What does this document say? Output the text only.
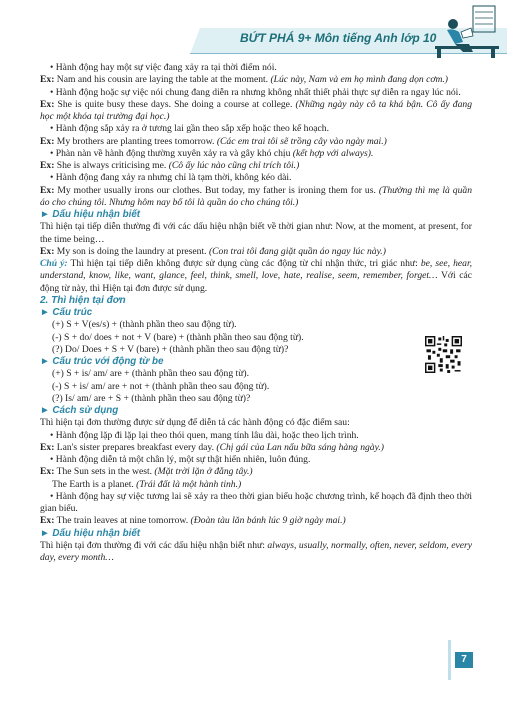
BỨT PHÁ 9+ Môn tiếng Anh lớp 10

• Hành động hay một sự việc đang xảy ra tại thời điểm nói.

Ex: Nam and his cousin are laying the table at the moment. (Lúc này, Nam và em họ mình đang dọn cơm.)

• Hành động hoặc sự việc nói chung đang diễn ra nhưng không nhất thiết phải thực sự diễn ra ngay lúc nói.

Ex: She is quite busy these days. She doing a course at college. (Những ngày này cô ta khá bận. Cô ấy đang học một khóa tại trường đại học.)

• Hành động sắp xảy ra ở tương lai gần theo sắp xếp hoặc theo kế hoạch.

Ex: My brothers are planting trees tomorrow. (Các em trai tôi sẽ trồng cây vào ngày mai.)

• Phàn nàn về hành động thường xuyên xảy ra và gây khó chịu (kết hợp với always).

Ex: She is always criticising me. (Cô ấy lúc nào cũng chỉ trích tôi.)

• Hành động đang xảy ra nhưng chỉ là tạm thời, không kéo dài.

Ex: My mother usually irons our clothes. But today, my father is ironing them for us. (Thường thì mẹ là quần áo cho chúng tôi. Nhưng hôm nay bố tôi là quần áo cho chúng tôi.)

► Dấu hiệu nhận biết

Thì hiện tại tiếp diễn thường đi với các dấu hiệu nhận biết về thời gian như: Now, at the moment, at present, for the time being…

Ex: My son is doing the laundry at present. (Con trai tôi đang giặt quần áo ngay lúc này.)

Chú ý: Thì hiện tại tiếp diễn không được sử dụng cùng các động từ chỉ nhận thức, tri giác như: be, see, hear, understand, know, like, want, glance, feel, think, smell, love, hate, realise, seem, remember, forget… Với các động từ này, thì Hiện tại đơn được sử dụng.

2. Thì hiện tại đơn

► Cấu trúc

(+) S + V(es/s) + (thành phần theo sau động từ).

(-) S + do/ does + not + V (bare) + (thành phần theo sau động từ).

(?) Do/ Does + S + V (bare) + (thành phần theo sau động từ)?

► Cấu trúc với động từ be

(+) S + is/ am/ are + (thành phần theo sau động từ).

(-) S + is/ am/ are + not + (thành phần theo sau động từ).

(?) Is/ am/ are + S + (thành phần theo sau động từ)?

► Cách sử dụng

Thì hiện tại đơn thường được sử dụng để diễn tả các hành động có đặc điểm sau:

• Hành động lặp đi lặp lại theo thói quen, mang tính lâu dài, hoặc theo lịch trình.

Ex: Lan's sister prepares breakfast every day. (Chị gái của Lan nấu bữa sáng hàng ngày.)

• Hành động diễn tả một chân lý, một sự thật hiển nhiên, luôn đúng.

Ex: The Sun sets in the west. (Mặt trời lặn ở đằng tây.)

The Earth is a planet. (Trái đất là một hành tinh.)

• Hành động hay sự việc tương lai sẽ xảy ra theo thời gian biểu hoặc chương trình, kế hoạch đã định theo thời gian biểu.

Ex: The train leaves at nine tomorrow. (Đoàn tàu lăn bánh lúc 9 giờ ngày mai.)

► Dấu hiệu nhận biết

Thì hiện tại đơn thường đi với các dấu hiệu nhận biết như: always, usually, normally, often, never, seldom, every day, every month…

7
